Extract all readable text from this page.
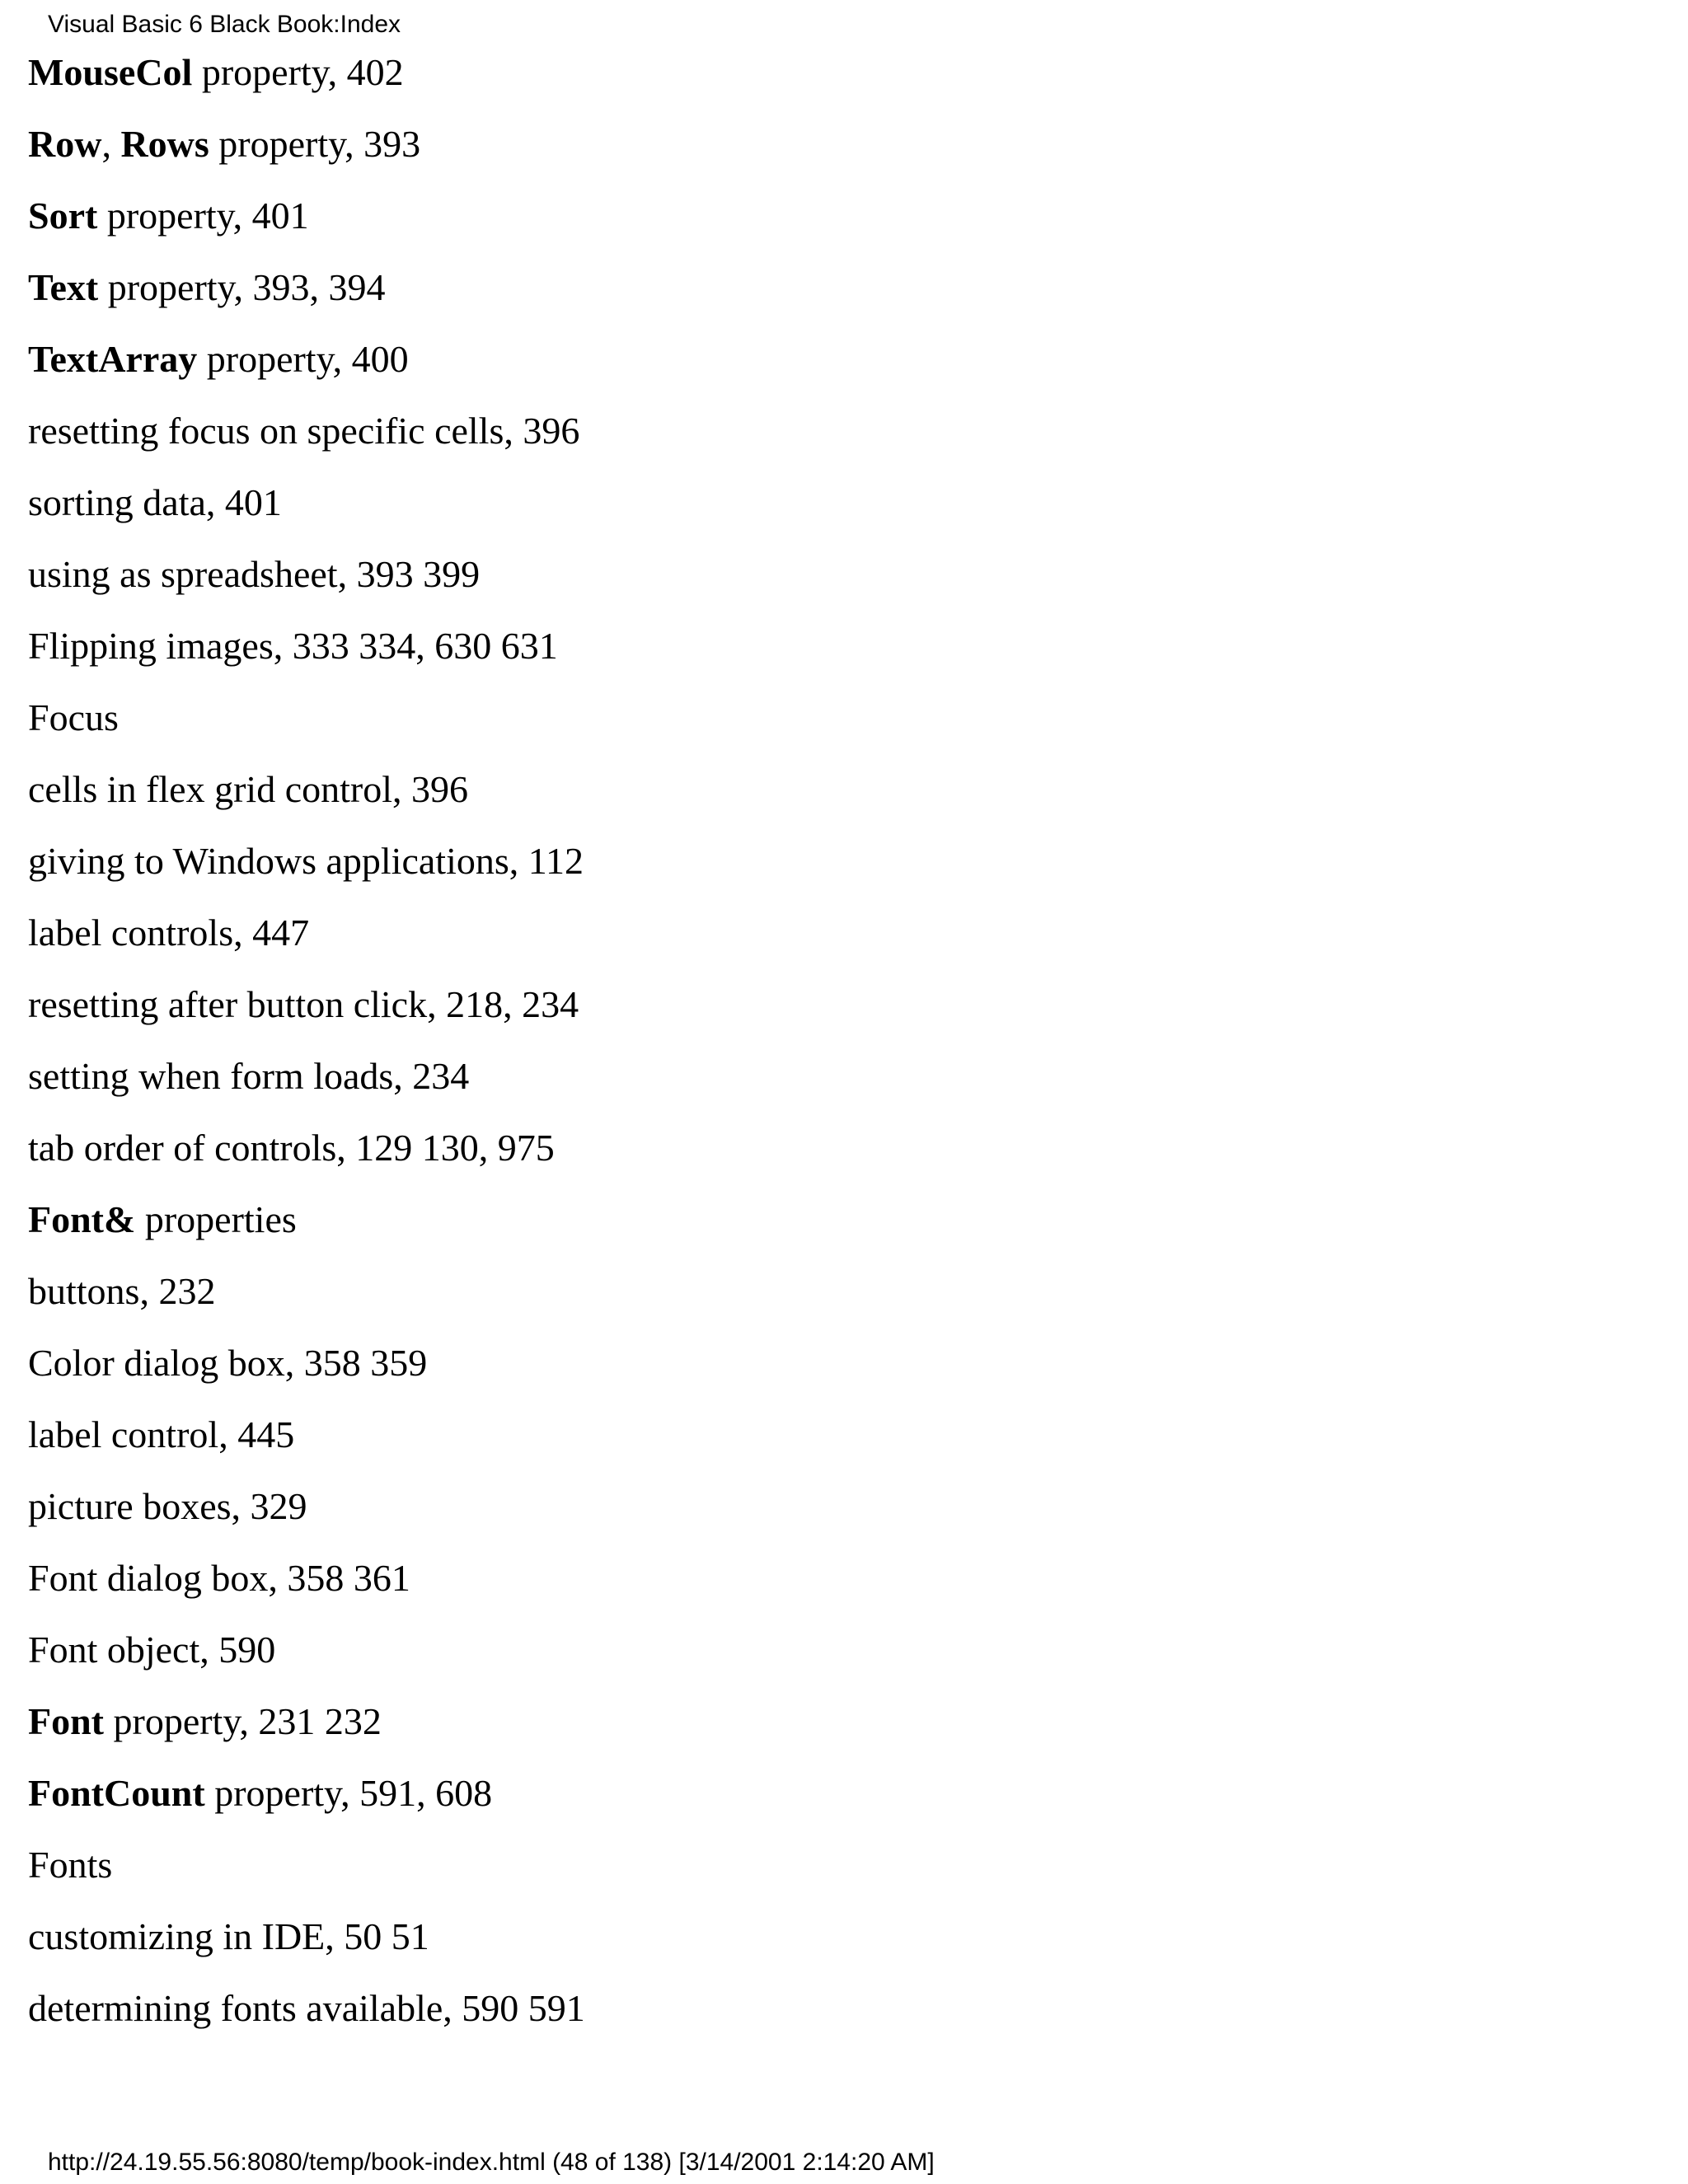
Visual Basic 6 Black Book:Index
MouseCol property, 402
Row, Rows property, 393
Sort property, 401
Text property, 393, 394
TextArray property, 400
resetting focus on specific cells, 396
sorting data, 401
using as spreadsheet, 393 399
Flipping images, 333 334, 630 631
Focus
cells in flex grid control, 396
giving to Windows applications, 112
label controls, 447
resetting after button click, 218, 234
setting when form loads, 234
tab order of controls, 129 130, 975
Font& properties
buttons, 232
Color dialog box, 358 359
label control, 445
picture boxes, 329
Font dialog box, 358 361
Font object, 590
Font property, 231 232
FontCount property, 591, 608
Fonts
customizing in IDE, 50 51
determining fonts available, 590 591
http://24.19.55.56:8080/temp/book-index.html (48 of 138) [3/14/2001 2:14:20 AM]
